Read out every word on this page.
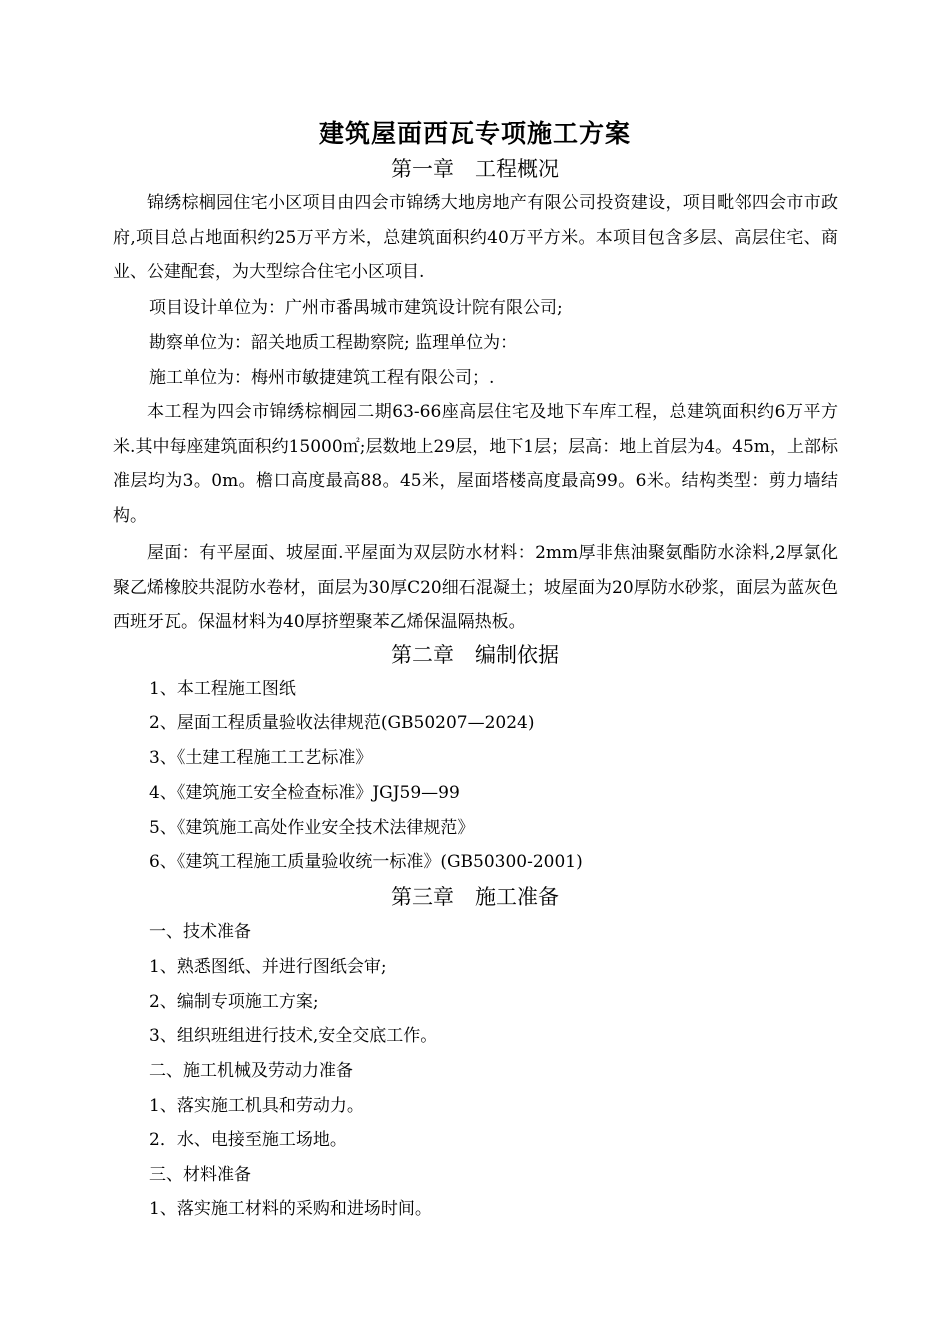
建筑屋面西瓦专项施工方案
第一章　工程概况

锦绣棕榈园住宅小区项目由四会市锦绣大地房地产有限公司投资建设，项目毗邻四会市市政府,项目总占地面积约25万平方米，总建筑面积约40万平方米。本项目包含多层、高层住宅、商业、公建配套，为大型综合住宅小区项目.

项目设计单位为：广州市番禺城市建筑设计院有限公司;
勘察单位为：韶关地质工程勘察院; 监理单位为：
施工单位为：梅州市敏捷建筑工程有限公司；.

本工程为四会市锦绣棕榈园二期63-66座高层住宅及地下车库工程，总建筑面积约6万平方米.其中每座建筑面积约15000㎡;层数地上29层，地下1层；层高：地上首层为4。45m，上部标准层均为3。0m。檐口高度最高88。45米，屋面塔楼高度最高99。6米。结构类型：剪力墙结构。

屋面：有平屋面、坡屋面.平屋面为双层防水材料：2mm厚非焦油聚氨酯防水涂料,2厚氯化聚乙烯橡胶共混防水卷材，面层为30厚C20细石混凝土；坡屋面为20厚防水砂浆，面层为蓝灰色西班牙瓦。保温材料为40厚挤塑聚苯乙烯保温隔热板。

第二章　编制依据
1、本工程施工图纸
2、屋面工程质量验收法律规范(GB50207—2024)
3、《土建工程施工工艺标准》
4、《建筑施工安全检查标准》JGJ59—99
5、《建筑施工高处作业安全技术法律规范》
6、《建筑工程施工质量验收统一标准》(GB50300-2001)
第三章　施工准备
一、技术准备
1、熟悉图纸、并进行图纸会审;
2、编制专项施工方案;
3、组织班组进行技术,安全交底工作。
二、施工机械及劳动力准备
1、落实施工机具和劳动力。
2．水、电接至施工场地。
三、材料准备
1、落实施工材料的采购和进场时间。
